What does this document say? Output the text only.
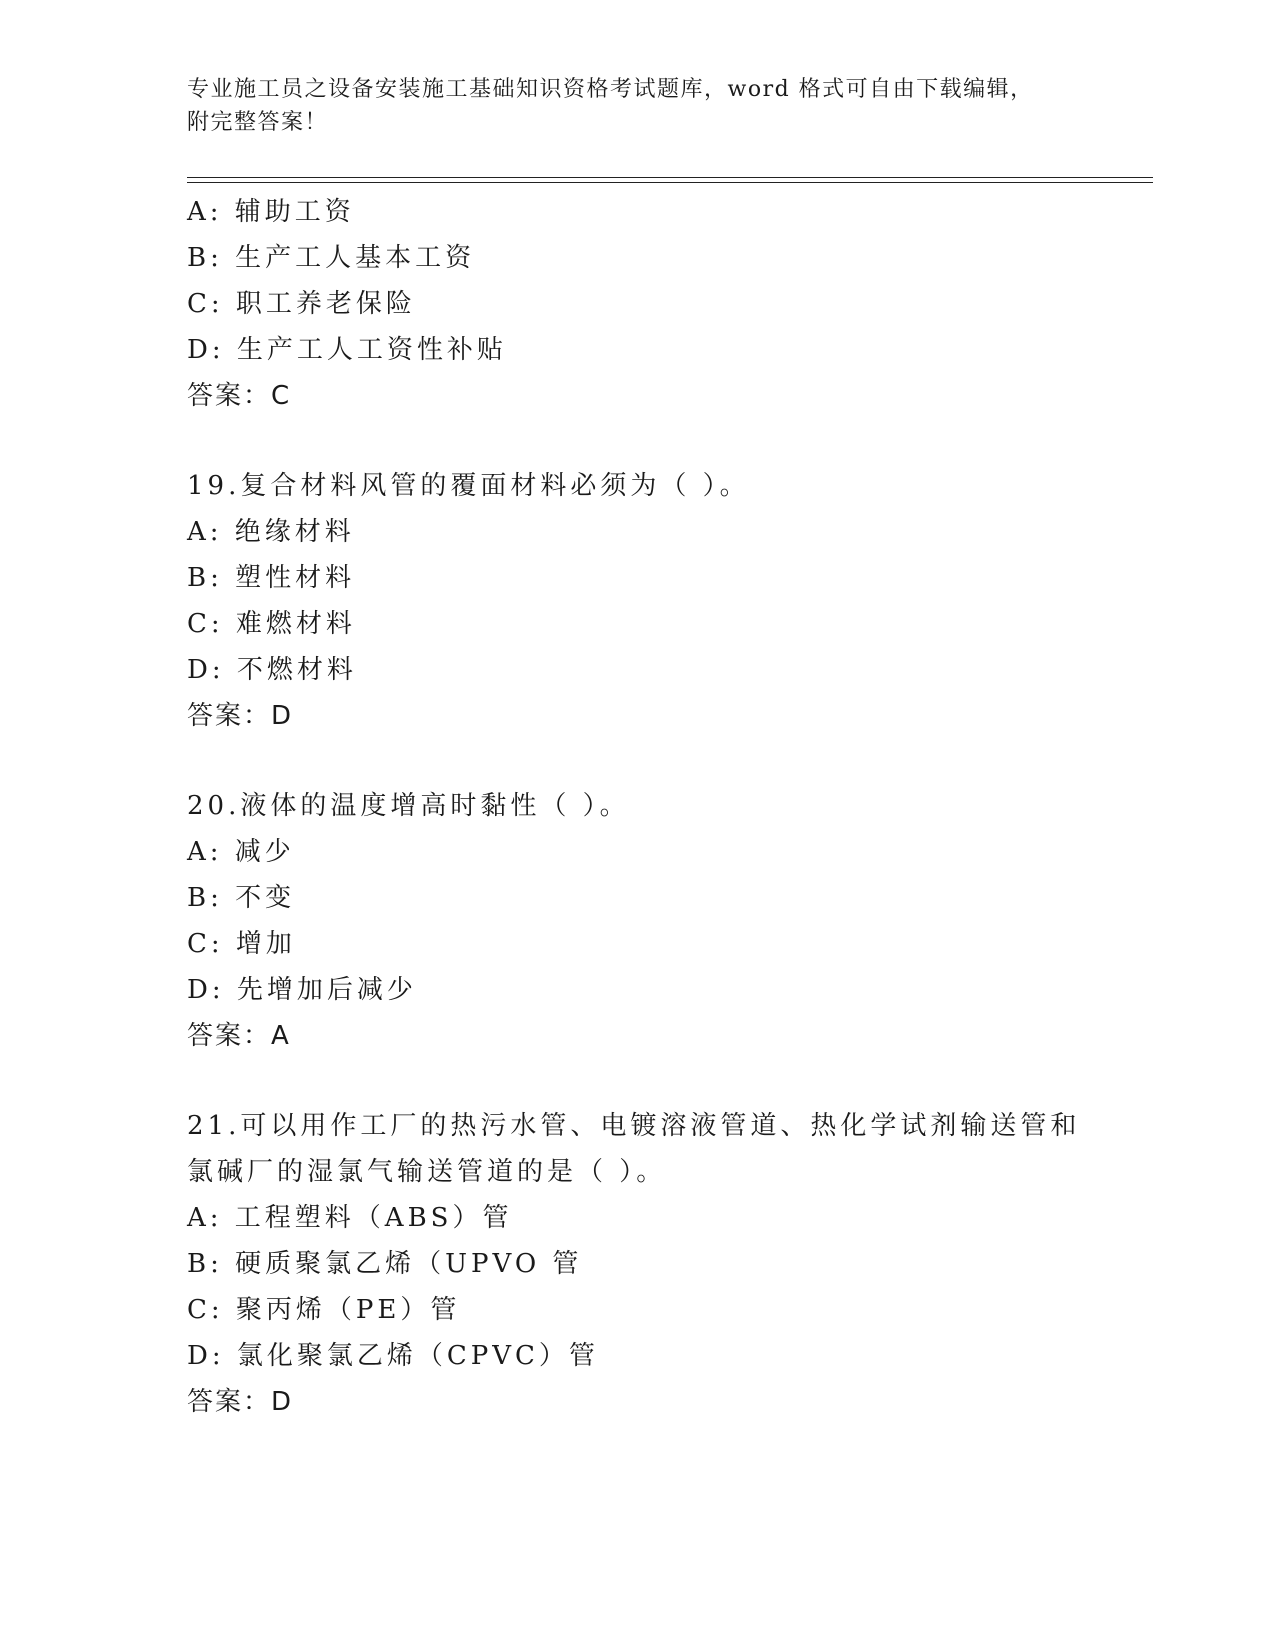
专业施工员之设备安装施工基础知识资格考试题库，word 格式可自由下载编辑，
附完整答案！
A: 辅助工资
B: 生产工人基本工资
C: 职工养老保险
D: 生产工人工资性补贴
答案：C
19.复合材料风管的覆面材料必须为（ ）。
A: 绝缘材料
B: 塑性材料
C: 难燃材料
D: 不燃材料
答案：D
20.液体的温度增高时黏性（ ）。
A: 减少
B: 不变
C: 增加
D: 先增加后减少
答案：A
21.可以用作工厂的热污水管、电镀溶液管道、热化学试剂输送管和氯碱厂的湿氯气输送管道的是（ ）。
A: 工程塑料（ABS）管
B: 硬质聚氯乙烯（UPVO 管
C: 聚丙烯（PE）管
D: 氯化聚氯乙烯（CPVC）管
答案：D
